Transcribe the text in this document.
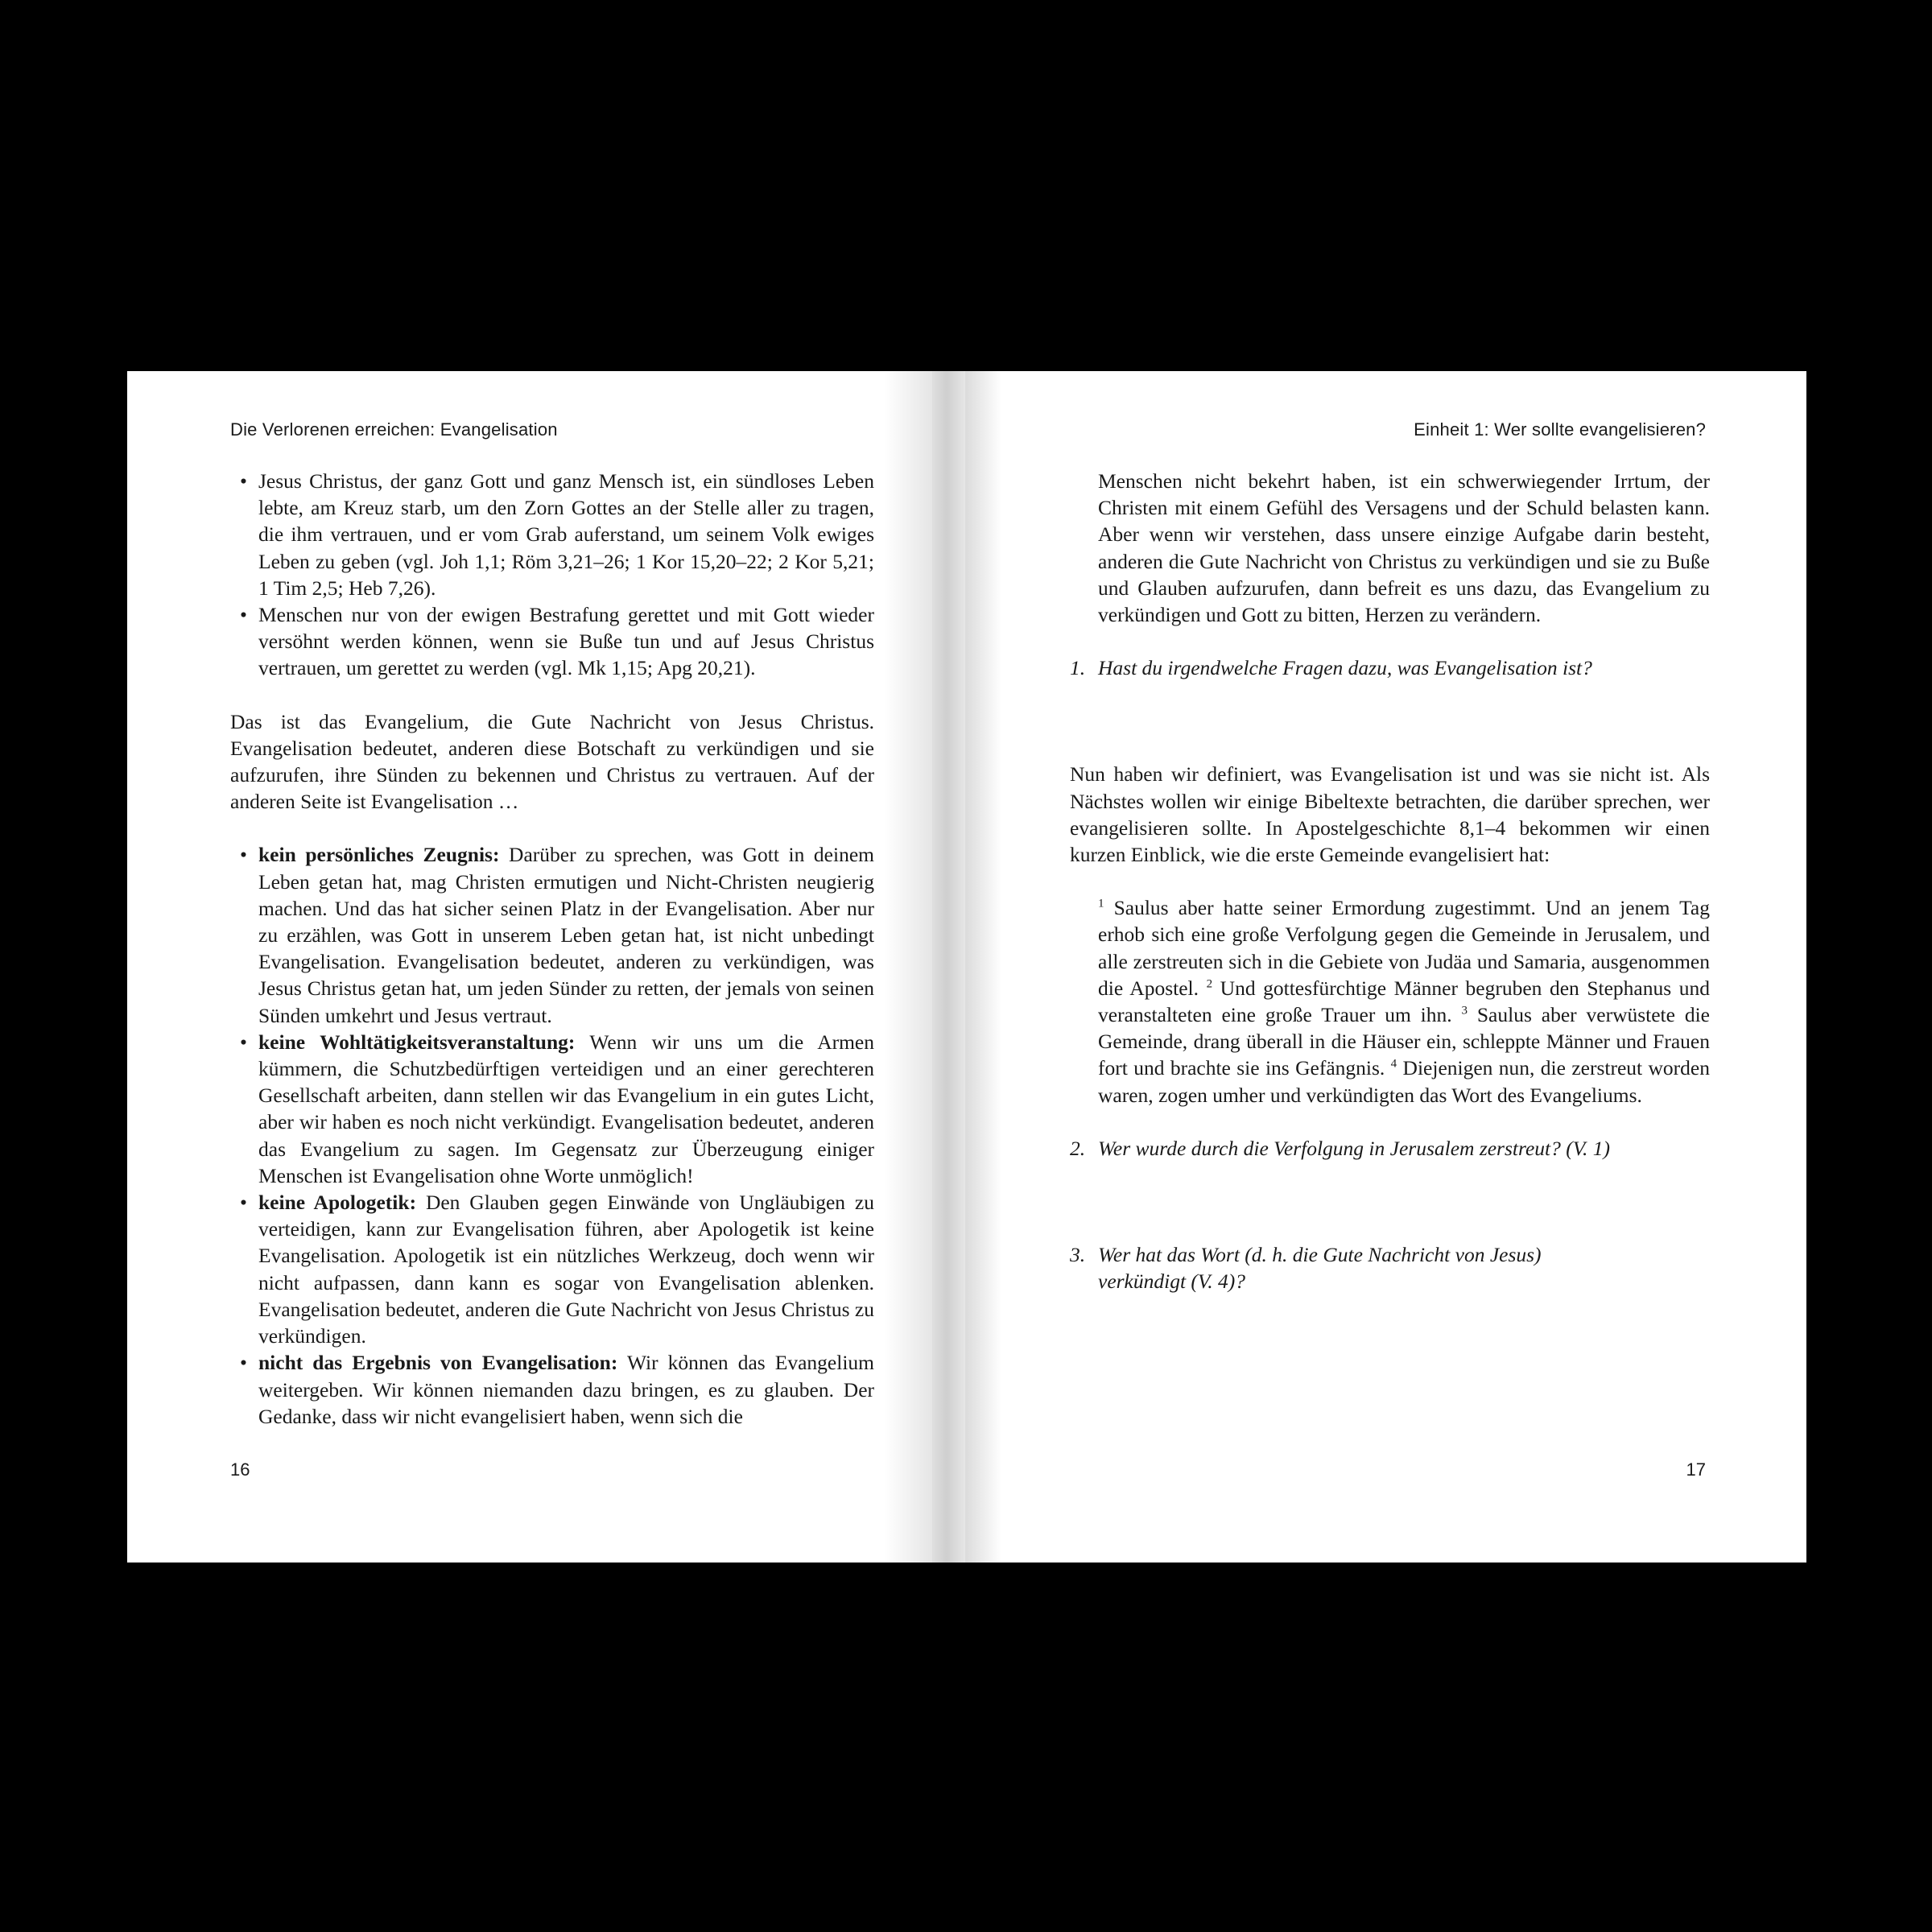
Die Verlorenen erreichen: Evangelisation
• Jesus Christus, der ganz Gott und ganz Mensch ist, ein sündloses Leben lebte, am Kreuz starb, um den Zorn Gottes an der Stelle aller zu tragen, die ihm vertrauen, und er vom Grab auferstand, um seinem Volk ewiges Leben zu geben (vgl. Joh 1,1; Röm 3,21–26; 1 Kor 15,20–22; 2 Kor 5,21; 1 Tim 2,5; Heb 7,26).
• Menschen nur von der ewigen Bestrafung gerettet und mit Gott wieder versöhnt werden können, wenn sie Buße tun und auf Jesus Christus vertrauen, um gerettet zu werden (vgl. Mk 1,15; Apg 20,21).

Das ist das Evangelium, die Gute Nachricht von Jesus Christus. Evangelisation bedeutet, anderen diese Botschaft zu verkündigen und sie aufzurufen, ihre Sünden zu bekennen und Christus zu vertrauen. Auf der anderen Seite ist Evangelisation …

• kein persönliches Zeugnis: Darüber zu sprechen, was Gott in deinem Leben getan hat, mag Christen ermutigen und Nicht-Christen neugierig machen. Und das hat sicher seinen Platz in der Evangelisation. Aber nur zu erzählen, was Gott in unserem Leben getan hat, ist nicht unbedingt Evangelisation. Evangelisation bedeutet, anderen zu verkündigen, was Jesus Christus getan hat, um jeden Sünder zu retten, der jemals von seinen Sünden umkehrt und Jesus vertraut.
• keine Wohltätigkeitsveranstaltung: Wenn wir uns um die Armen kümmern, die Schutzbedürftigen verteidigen und an einer gerechteren Gesellschaft arbeiten, dann stellen wir das Evangelium in ein gutes Licht, aber wir haben es noch nicht verkündigt. Evangelisation bedeutet, anderen das Evangelium zu sagen. Im Gegensatz zur Überzeugung einiger Menschen ist Evangelisation ohne Worte unmöglich!
• keine Apologetik: Den Glauben gegen Einwände von Ungläubigen zu verteidigen, kann zur Evangelisation führen, aber Apologetik ist keine Evangelisation. Apologetik ist ein nützliches Werkzeug, doch wenn wir nicht aufpassen, dann kann es sogar von Evangelisation ablenken. Evangelisation bedeutet, anderen die Gute Nachricht von Jesus Christus zu verkündigen.
• nicht das Ergebnis von Evangelisation: Wir können das Evangelium weitergeben. Wir können niemanden dazu bringen, es zu glauben. Der Gedanke, dass wir nicht evangelisiert haben, wenn sich die
16
Einheit 1: Wer sollte evangelisieren?

Menschen nicht bekehrt haben, ist ein schwerwiegender Irrtum, der Christen mit einem Gefühl des Versagens und der Schuld belasten kann. Aber wenn wir verstehen, dass unsere einzige Aufgabe darin besteht, anderen die Gute Nachricht von Christus zu verkündigen und sie zu Buße und Glauben aufzurufen, dann befreit es uns dazu, das Evangelium zu verkündigen und Gott zu bitten, Herzen zu verändern.

1. Hast du irgendwelche Fragen dazu, was Evangelisation ist?

Nun haben wir definiert, was Evangelisation ist und was sie nicht ist. Als Nächstes wollen wir einige Bibeltexte betrachten, die darüber sprechen, wer evangelisieren sollte. In Apostelgeschichte 8,1–4 bekommen wir einen kurzen Einblick, wie die erste Gemeinde evangelisiert hat:

$^1$ Saulus aber hatte seiner Ermordung zugestimmt. Und an jenem Tag erhob sich eine große Verfolgung gegen die Gemeinde in Jerusalem, und alle zerstreuten sich in die Gebiete von Judäa und Samaria, ausgenommen die Apostel. $^2$ Und gottesfürchtige Männer begruben den Stephanus und veranstalteten eine große Trauer um ihn. $^3$ Saulus aber verwüstete die Gemeinde, drang überall in die Häuser ein, schleppte Männer und Frauen fort und brachte sie ins Gefängnis. $^4$ Diejenigen nun, die zerstreut worden waren, zogen umher und verkündigten das Wort des Evangeliums.

2. Wer wurde durch die Verfolgung in Jerusalem zerstreut? (V. 1)
3. Wer hat das Wort (d. h. die Gute Nachricht von Jesus) verkündigt (V. 4)?
17
